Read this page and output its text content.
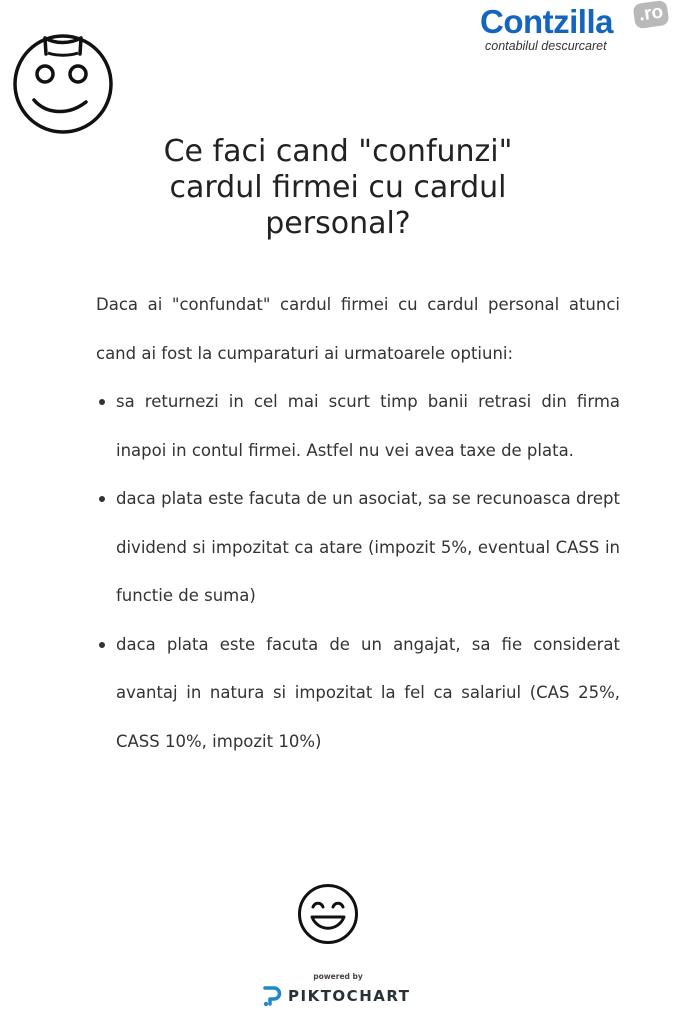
Contzilla .ro
contabilul descurcaret
Ce faci cand "confunzi" cardul firmei cu cardul personal?

Daca ai "confundat" cardul firmei cu cardul personal atunci cand ai fost la cumparaturi ai urmatoarele optiuni:

sa returnezi in cel mai scurt timp banii retrasi din firma inapoi in contul firmei. Astfel nu vei avea taxe de plata.
daca plata este facuta de un asociat, sa se recunoasca drept dividend si impozitat ca atare (impozit 5%, eventual CASS in functie de suma)
daca plata este facuta de un angajat, sa fie considerat avantaj in natura si impozitat la fel ca salariul (CAS 25%, CASS 10%, impozit 10%)
powered by
PIKTOCHART
